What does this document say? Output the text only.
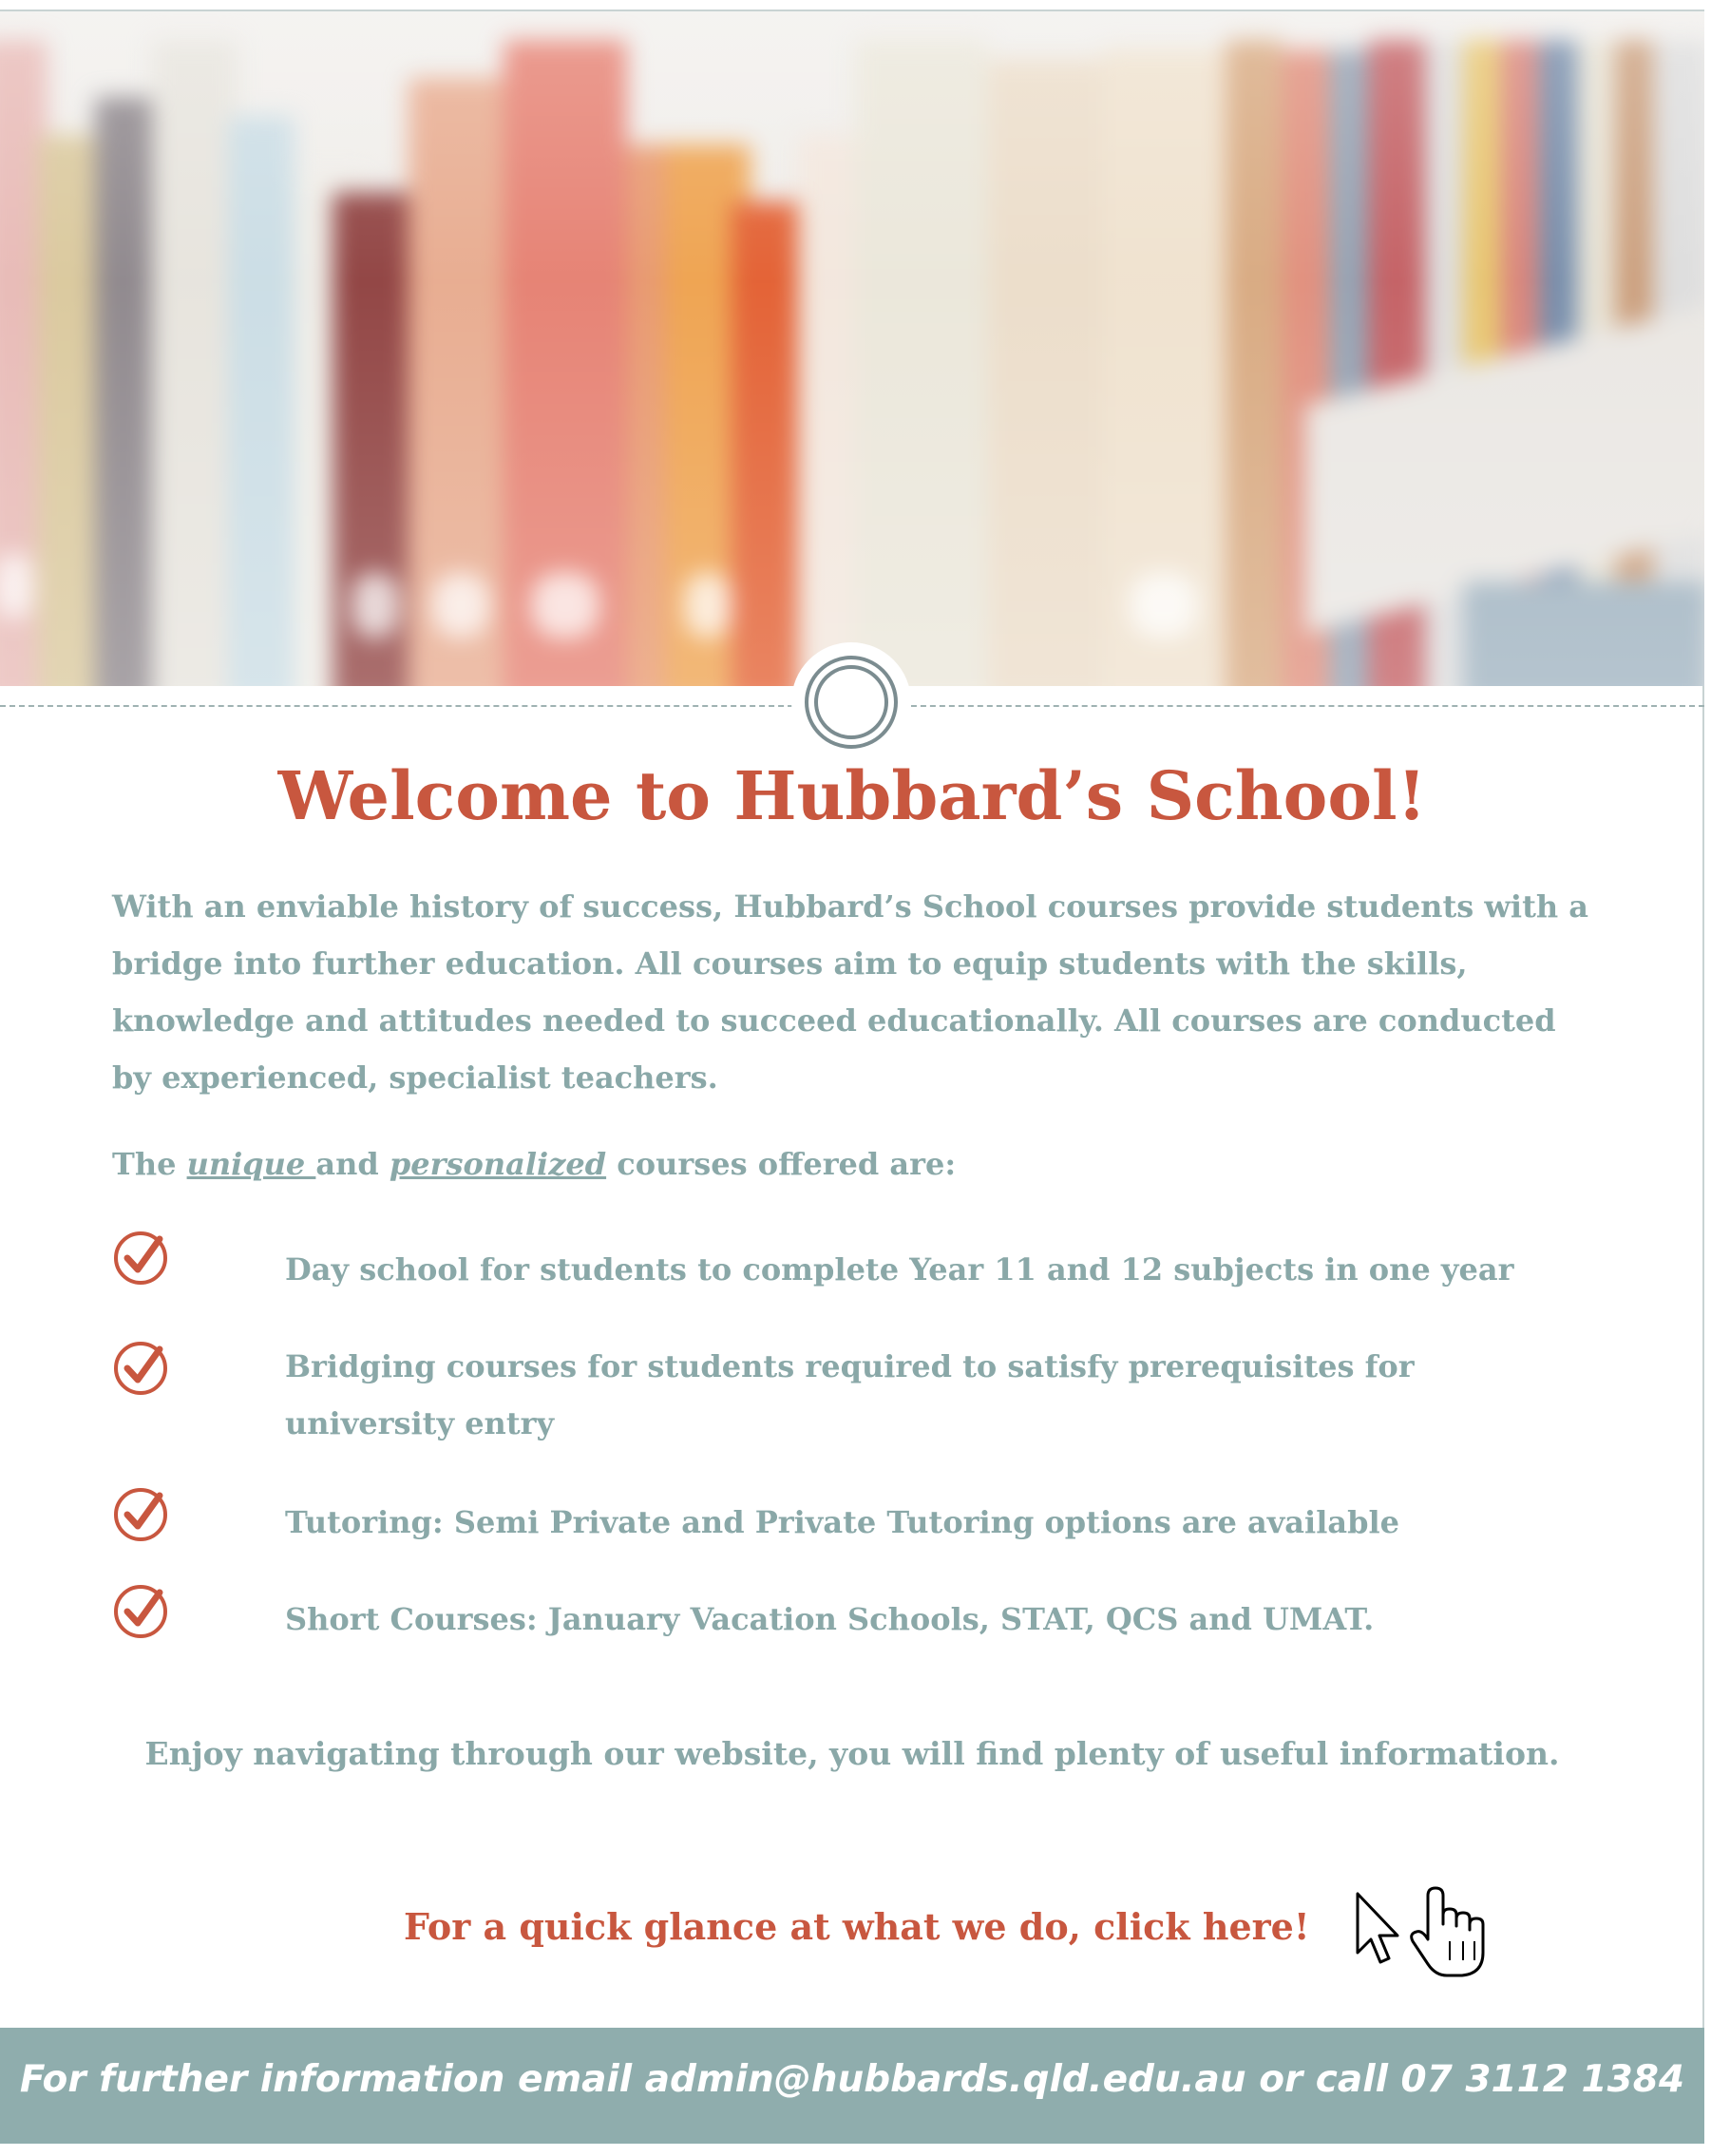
Welcome to Hubbard’s School!

With an enviable history of success, Hubbard’s School courses provide students with a bridge into further education. All courses aim to equip students with the skills, knowledge and attitudes needed to succeed educationally. All courses are conducted by experienced, specialist teachers.

The unique and personalized courses offered are:

Day school for students to complete Year 11 and 12 subjects in one year

Bridging courses for students required to satisfy prerequisites for university entry

Tutoring: Semi Private and Private Tutoring options are available

Short Courses: January Vacation Schools, STAT, QCS and UMAT.

Enjoy navigating through our website, you will find plenty of useful information.

For a quick glance at what we do, click here!

For further information email admin@hubbards.qld.edu.au or call 07 3112 1384
